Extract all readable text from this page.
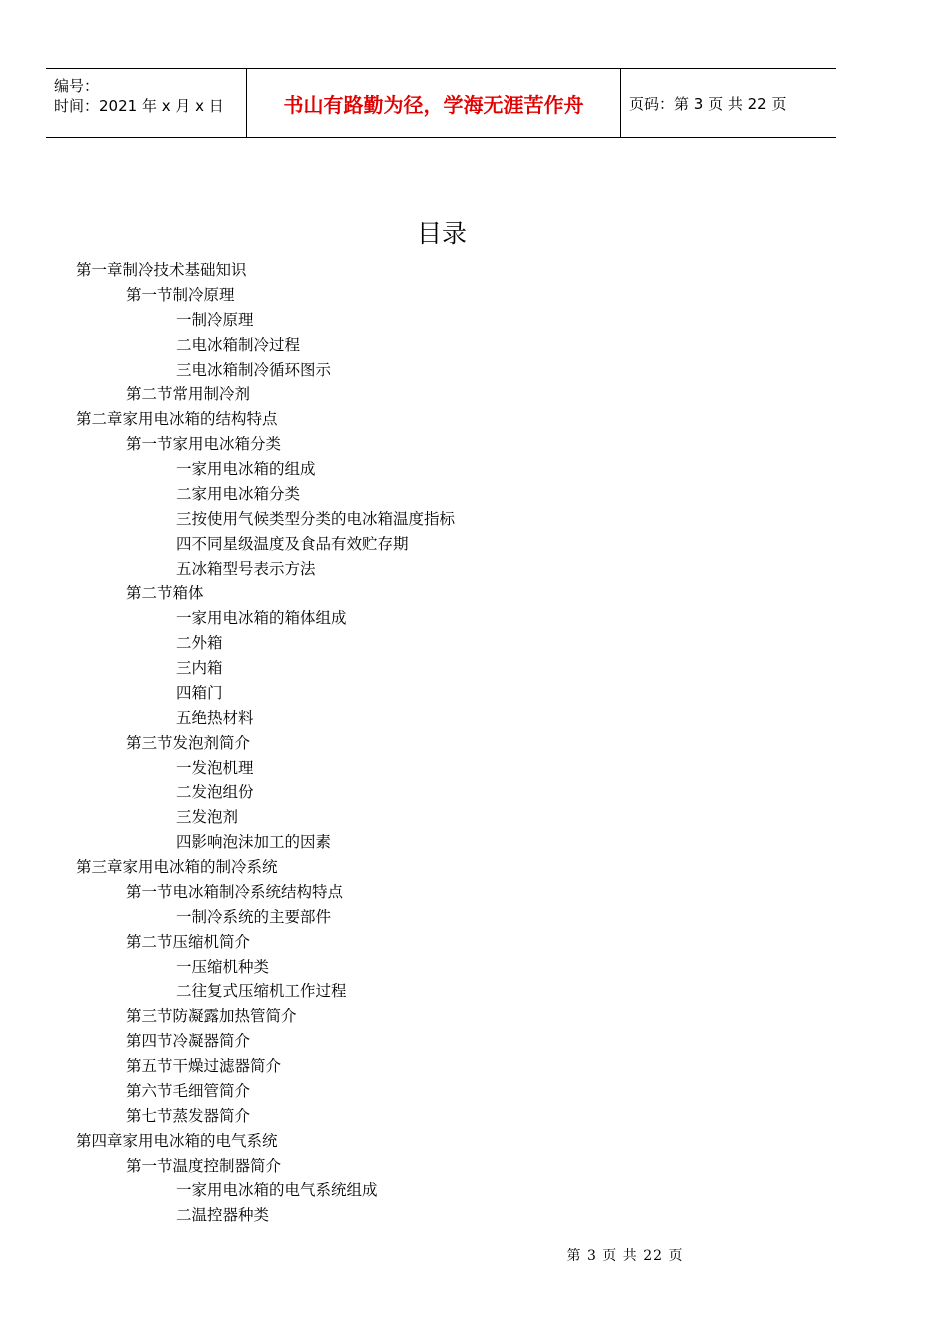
编号：
时间：2021 年 x 月 x 日	书山有路勤为径，学海无涯苦作舟	页码：第 3 页 共 22 页
目录
第一章制冷技术基础知识
第一节制冷原理
一制冷原理
二电冰箱制冷过程
三电冰箱制冷循环图示
第二节常用制冷剂
第二章家用电冰箱的结构特点
第一节家用电冰箱分类
一家用电冰箱的组成
二家用电冰箱分类
三按使用气候类型分类的电冰箱温度指标
四不同星级温度及食品有效贮存期
五冰箱型号表示方法
第二节箱体
一家用电冰箱的箱体组成
二外箱
三内箱
四箱门
五绝热材料
第三节发泡剂简介
一发泡机理
二发泡组份
三发泡剂
四影响泡沫加工的因素
第三章家用电冰箱的制冷系统
第一节电冰箱制冷系统结构特点
一制冷系统的主要部件
第二节压缩机简介
一压缩机种类
二往复式压缩机工作过程
第三节防凝露加热管简介
第四节冷凝器简介
第五节干燥过滤器简介
第六节毛细管简介
第七节蒸发器简介
第四章家用电冰箱的电气系统
第一节温度控制器简介
一家用电冰箱的电气系统组成
二温控器种类
第 3 页 共 22 页
